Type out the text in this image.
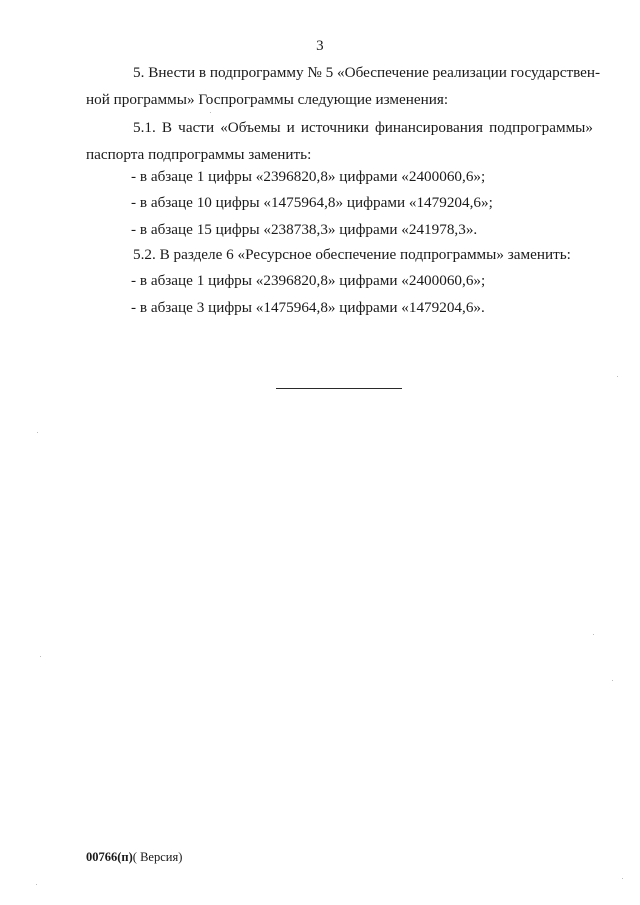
3
5. Внести в подпрограмму № 5 «Обеспечение реализации государствен-
ной программы» Госпрограммы следующие изменения:
5.1. В части «Объемы и источники финансирования подпрограммы»
паспорта подпрограммы заменить:
- в абзаце 1 цифры «2396820,8» цифрами «2400060,6»;
- в абзаце 10 цифры «1475964,8» цифрами «1479204,6»;
- в абзаце 15 цифры «238738,3» цифрами «241978,3».
5.2. В разделе 6 «Ресурсное обеспечение подпрограммы» заменить:
- в абзаце 1 цифры «2396820,8» цифрами «2400060,6»;
- в абзаце 3 цифры «1475964,8» цифрами «1479204,6».
00766(п)( Версия)
